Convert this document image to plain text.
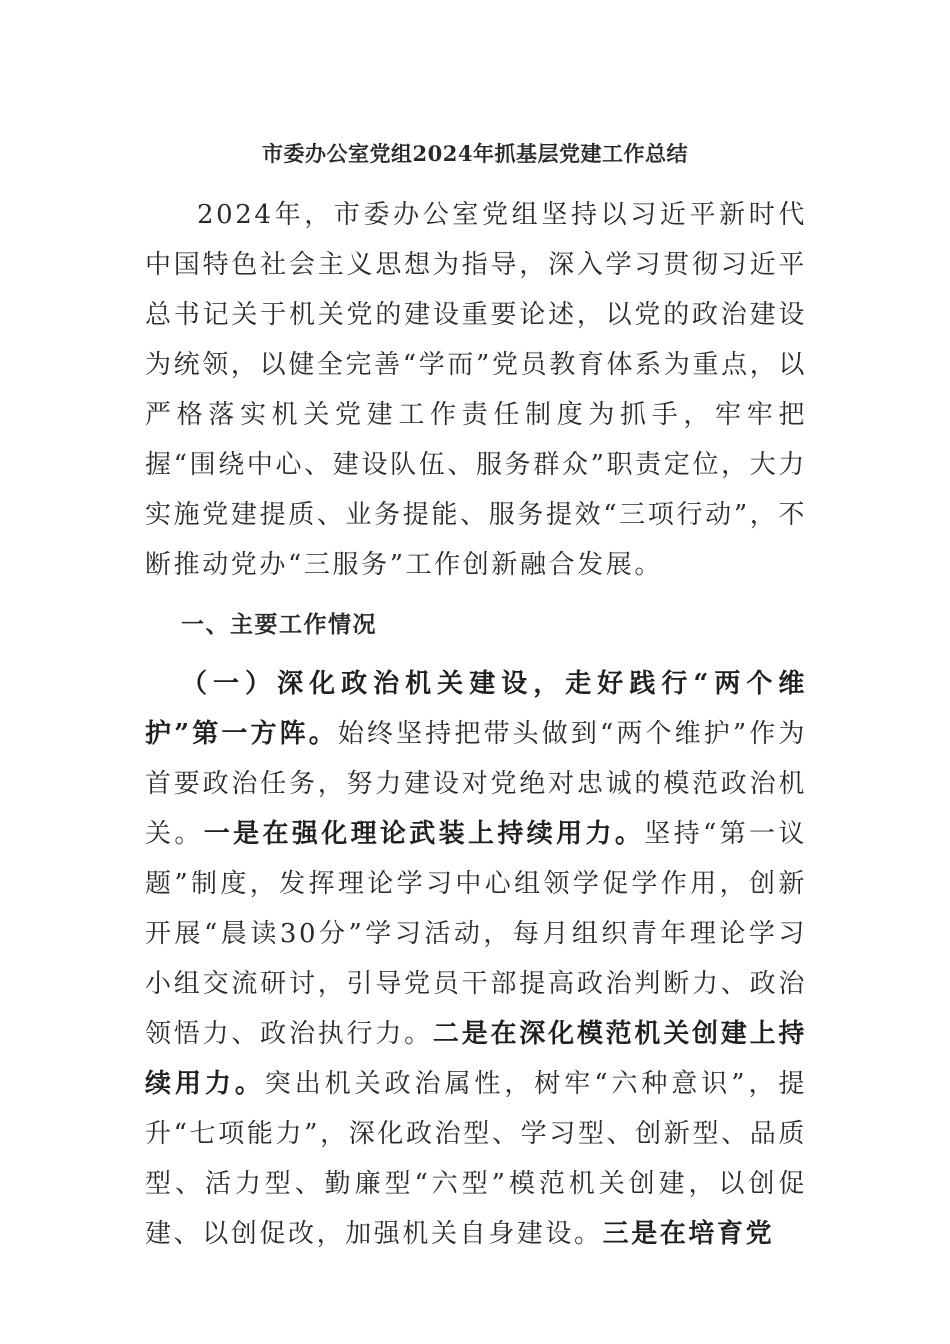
市委办公室党组2024年抓基层党建工作总结

2024年，市委办公室党组坚持以习近平新时代中国特色社会主义思想为指导，深入学习贯彻习近平总书记关于机关党的建设重要论述，以党的政治建设为统领，以健全完善“学而”党员教育体系为重点，以严格落实机关党建工作责任制度为抓手，牢牢把握“围绕中心、建设队伍、服务群众”职责定位，大力实施党建提质、业务提能、服务提效“三项行动”，不断推动党办“三服务”工作创新融合发展。

一、主要工作情况

（一）深化政治机关建设，走好践行“两个维护”第一方阵。始终坚持把带头做到“两个维护”作为首要政治任务，努力建设对党绝对忠诚的模范政治机关。一是在强化理论武装上持续用力。坚持“第一议题”制度，发挥理论学习中心组领学促学作用，创新开展“晨读30分”学习活动，每月组织青年理论学习小组交流研讨，引导党员干部提高政治判断力、政治领悟力、政治执行力。二是在深化模范机关创建上持续用力。突出机关政治属性，树牢“六种意识”，提升“七项能力”，深化政治型、学习型、创新型、品质型、活力型、勤廉型“六型”模范机关创建，以创促建、以创促改，加强机关自身建设。三是在培育党
